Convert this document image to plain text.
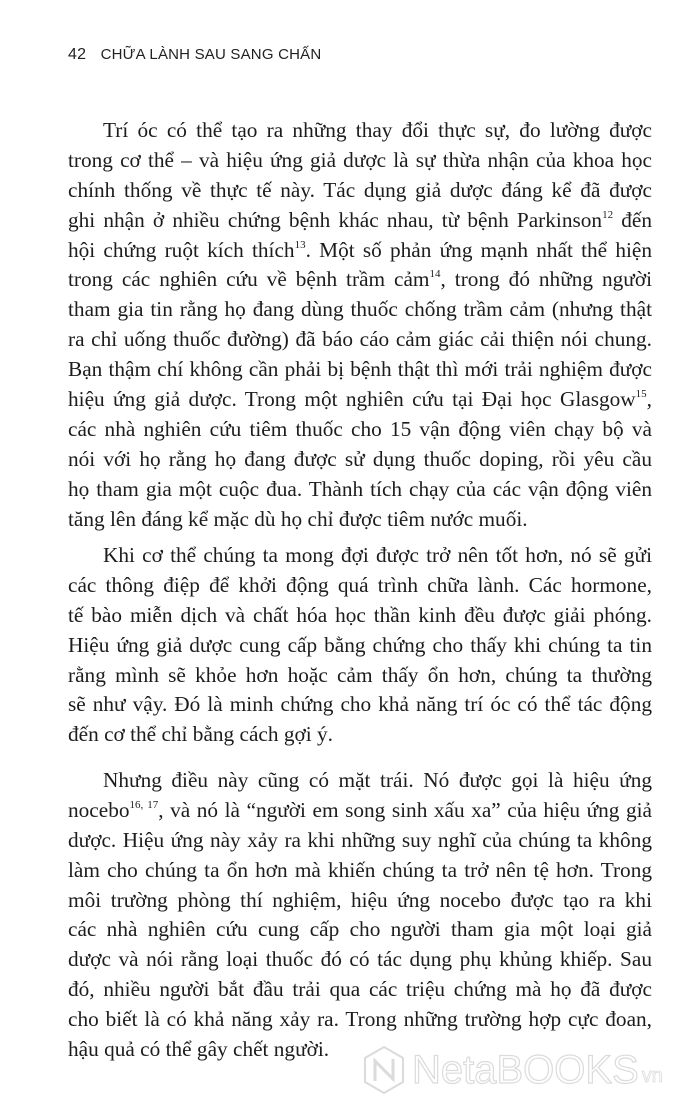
42 CHỮA LÀNH SAU SANG CHẤN
Trí óc có thể tạo ra những thay đổi thực sự, đo lường được
trong cơ thể – và hiệu ứng giả dược là sự thừa nhận của khoa học
chính thống về thực tế này. Tác dụng giả dược đáng kể đã được
ghi nhận ở nhiều chứng bệnh khác nhau, từ bệnh Parkinson$^{12}$ đến
hội chứng ruột kích thích$^{13}$. Một số phản ứng mạnh nhất thể hiện
trong các nghiên cứu về bệnh trầm cảm$^{14}$, trong đó những người
tham gia tin rằng họ đang dùng thuốc chống trầm cảm (nhưng thật
ra chỉ uống thuốc đường) đã báo cáo cảm giác cải thiện nói chung.
Bạn thậm chí không cần phải bị bệnh thật thì mới trải nghiệm được
hiệu ứng giả dược. Trong một nghiên cứu tại Đại học Glasgow$^{15}$,
các nhà nghiên cứu tiêm thuốc cho 15 vận động viên chạy bộ và
nói với họ rằng họ đang được sử dụng thuốc doping, rồi yêu cầu
họ tham gia một cuộc đua. Thành tích chạy của các vận động viên
tăng lên đáng kể mặc dù họ chỉ được tiêm nước muối.
Khi cơ thể chúng ta mong đợi được trở nên tốt hơn, nó sẽ gửi
các thông điệp để khởi động quá trình chữa lành. Các hormone,
tế bào miễn dịch và chất hóa học thần kinh đều được giải phóng.
Hiệu ứng giả dược cung cấp bằng chứng cho thấy khi chúng ta tin
rằng mình sẽ khỏe hơn hoặc cảm thấy ổn hơn, chúng ta thường
sẽ như vậy. Đó là minh chứng cho khả năng trí óc có thể tác động
đến cơ thể chỉ bằng cách gợi ý.
Nhưng điều này cũng có mặt trái. Nó được gọi là hiệu ứng
nocebo$^{16, 17}$, và nó là “người em song sinh xấu xa” của hiệu ứng giả
dược. Hiệu ứng này xảy ra khi những suy nghĩ của chúng ta không
làm cho chúng ta ổn hơn mà khiến chúng ta trở nên tệ hơn. Trong
môi trường phòng thí nghiệm, hiệu ứng nocebo được tạo ra khi
các nhà nghiên cứu cung cấp cho người tham gia một loại giả
dược và nói rằng loại thuốc đó có tác dụng phụ khủng khiếp. Sau
đó, nhiều người bắt đầu trải qua các triệu chứng mà họ đã được
cho biết là có khả năng xảy ra. Trong những trường hợp cực đoan,
hậu quả có thể gây chết người.	NetaBOOKS vn
